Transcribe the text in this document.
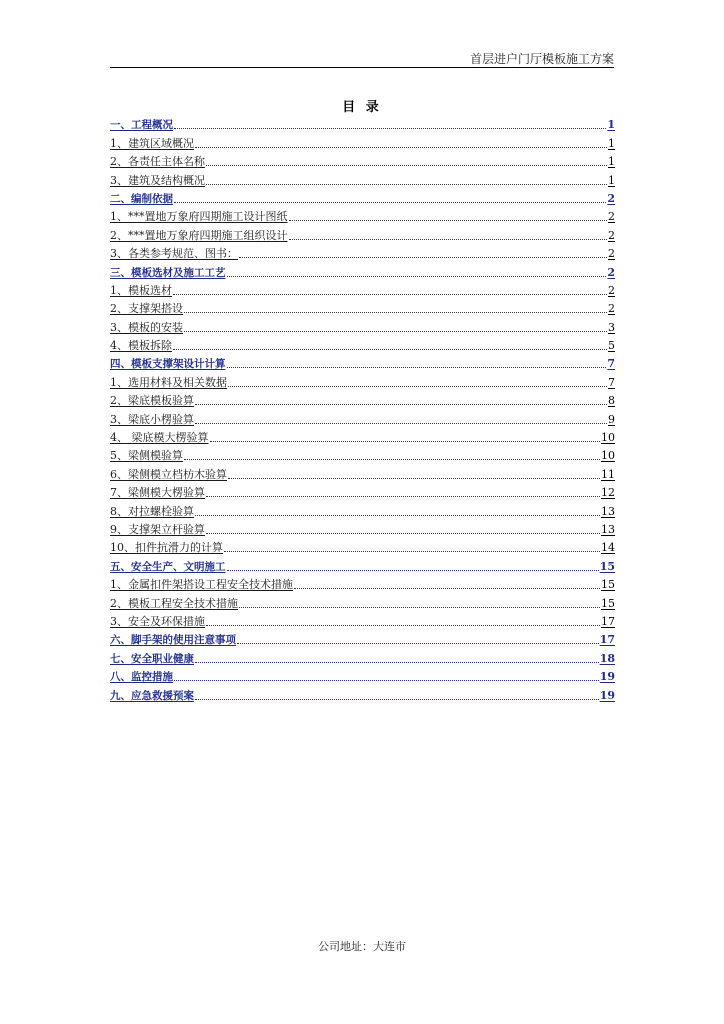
首层进户门厅模板施工方案
目 录
一、工程概况	1
1、建筑区域概况	1
2、各责任主体名称	1
3、建筑及结构概况	1
二、编制依据	2
1、***置地万象府四期施工设计图纸	2
2、***置地万象府四期施工组织设计	2
3、各类参考规范、图书：	2
三、模板选材及施工工艺	2
1、模板选材	2
2、支撑架搭设	2
3、模板的安装	3
4、模板拆除	5
四、模板支撑架设计计算	7
1、选用材料及相关数据	7
2、梁底模板验算	8
3、梁底小楞验算	9
4、 梁底模大楞验算	10
5、梁侧模验算	10
6、梁侧模立档枋木验算	11
7、梁侧模大楞验算	12
8、对拉螺栓验算	13
9、支撑架立杆验算	13
10、扣件抗滑力的计算	14
五、安全生产、文明施工	15
1、金属扣件架搭设工程安全技术措施	15
2、模板工程安全技术措施	15
3、安全及环保措施	17
六、脚手架的使用注意事项	17
七、安全职业健康	18
八、监控措施	19
九、应急救援预案	19
公司地址：大连市
